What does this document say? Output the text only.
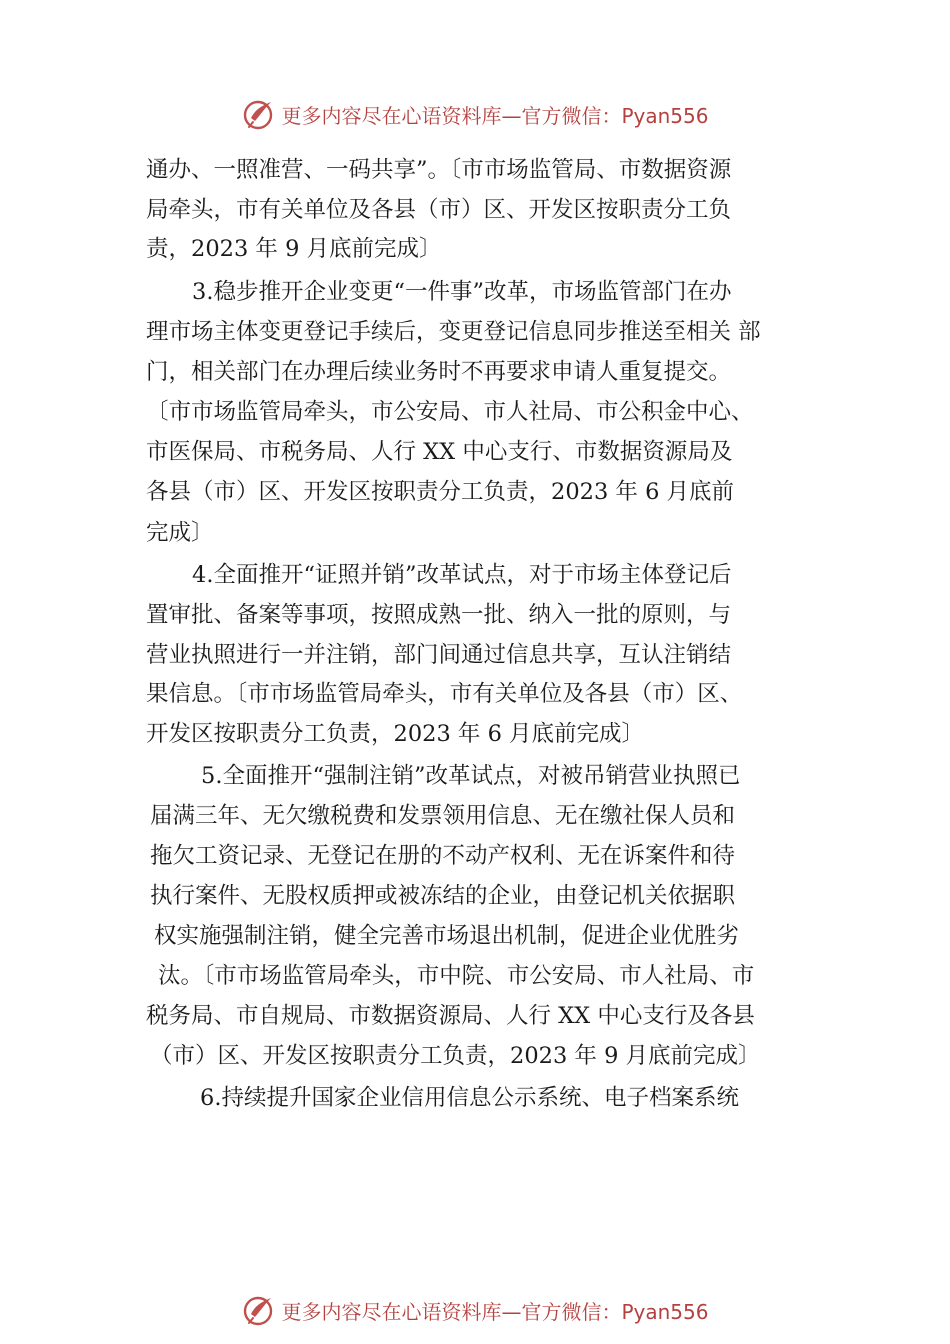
更多内容尽在心语资料库—官方微信：Pyan556
通办、一照准营、一码共享”。〔市市场监管局、市数据资源
局牵头，市有关单位及各县（市）区、开发区按职责分工负
责，2023 年 9 月底前完成〕
3.稳步推开企业变更“一件事”改革，市场监管部门在办
理市场主体变更登记手续后，变更登记信息同步推送至相关 部
门，相关部门在办理后续业务时不再要求申请人重复提交。
〔市市场监管局牵头，市公安局、市人社局、市公积金中心、
市医保局、市税务局、人行 XX 中心支行、市数据资源局及
各县（市）区、开发区按职责分工负责，2023 年 6 月底前
完成〕
4.全面推开“证照并销”改革试点，对于市场主体登记后
置审批、备案等事项，按照成熟一批、纳入一批的原则，与
营业执照进行一并注销，部门间通过信息共享，互认注销结
果信息。〔市市场监管局牵头，市有关单位及各县（市）区、
开发区按职责分工负责，2023 年 6 月底前完成〕
5.全面推开“强制注销”改革试点，对被吊销营业执照已
届满三年、无欠缴税费和发票领用信息、无在缴社保人员和
拖欠工资记录、无登记在册的不动产权利、无在诉案件和待
执行案件、无股权质押或被冻结的企业，由登记机关依据职
权实施强制注销，健全完善市场退出机制，促进企业优胜劣
汰。〔市市场监管局牵头，市中院、市公安局、市人社局、市
税务局、市自规局、市数据资源局、人行 XX 中心支行及各县
（市）区、开发区按职责分工负责，2023 年 9 月底前完成〕
6.持续提升国家企业信用信息公示系统、电子档案系统
更多内容尽在心语资料库—官方微信：Pyan556
